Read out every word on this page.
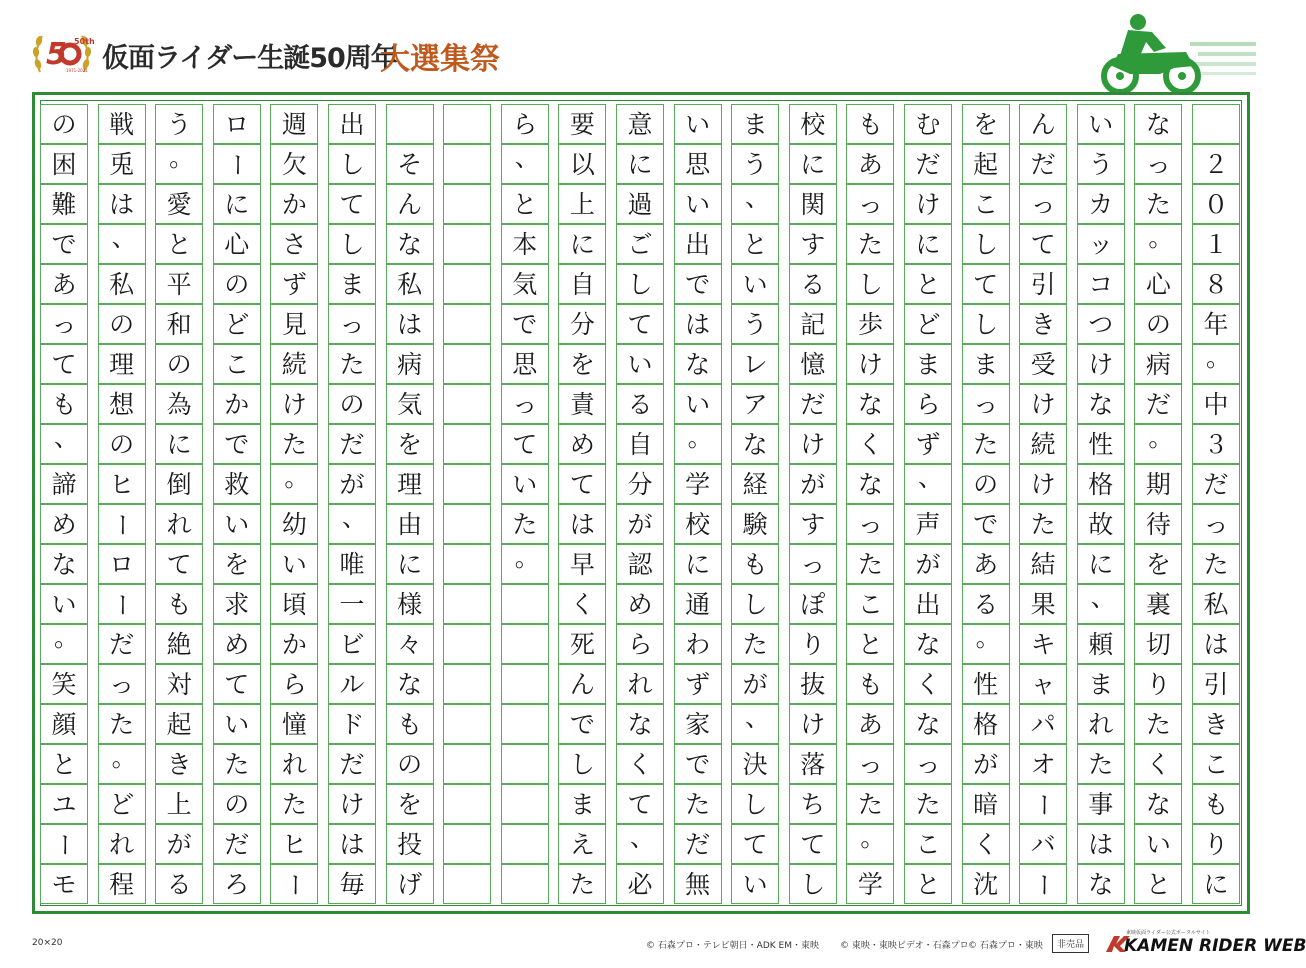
5 50th
1971-2021 仮面ライダー生誕50周年
大選集祭

２
０
１
８
年
。
中
３
だ
っ
た
私
は
引
き
こ
も
り
に
な
っ
た
。
心
の
病
だ
。
期
待
を
裏
切
り
た
く
な
い
と
い
う
カ
ッ
コ
つ
け
な
性
格
故
に
、
頼
ま
れ
た
事
は
な
ん
だ
っ
て
引
き
受
け
続
け
た
結
果
キ
ャ
パ
オ
ー
バ
ー
を
起
こ
し
て
し
ま
っ
た
の
で
あ
る
。
性
格
が
暗
く
沈
む
だ
け
に
と
ど
ま
ら
ず
、
声
が
出
な
く
な
っ
た
こ
と
も
あ
っ
た
し
歩
け
な
く
な
っ
た
こ
と
も
あ
っ
た
。
学
校
に
関
す
る
記
憶
だ
け
が
す
っ
ぽ
り
抜
け
落
ち
て
し
ま
う
、
と
い
う
レ
ア
な
経
験
も
し
た
が
、
決
し
て
い
い
思
い
出
で
は
な
い
。
学
校
に
通
わ
ず
家
で
た
だ
無
意
に
過
ご
し
て
い
る
自
分
が
認
め
ら
れ
な
く
て
、
必
要
以
上
に
自
分
を
責
め
て
は
早
く
死
ん
で
し
ま
え
た
ら
、
と
本
気
で
思
っ
て
い
た
。

そ
ん
な
私
は
病
気
を
理
由
に
様
々
な
も
の
を
投
げ
出
し
て
し
ま
っ
た
の
だ
が
、
唯
一
ビ
ル
ド
だ
け
は
毎
週
欠
か
さ
ず
見
続
け
た
。
幼
い
頃
か
ら
憧
れ
た
ヒ
ー
ロ
ー
に
心
の
ど
こ
か
で
救
い
を
求
め
て
い
た
の
だ
ろ
う
。
愛
と
平
和
の
為
に
倒
れ
て
も
絶
対
起
き
上
が
る
戦
兎
は
、
私
の
理
想
の
ヒ
ー
ロ
ー
だ
っ
た
。
ど
れ
程
の
困
難
で
あ
っ
て
も
、
諦
め
な
い
。
笑
顔
と
ユ
ー
モ
20×20	© 石森プロ・テレビ朝日・ADK EM・東映 © 東映・東映ビデオ・石森プロ © 石森プロ・東映	非売品
東映仮面ライダー公式ポータルサイト
KAMEN RIDER WEB
